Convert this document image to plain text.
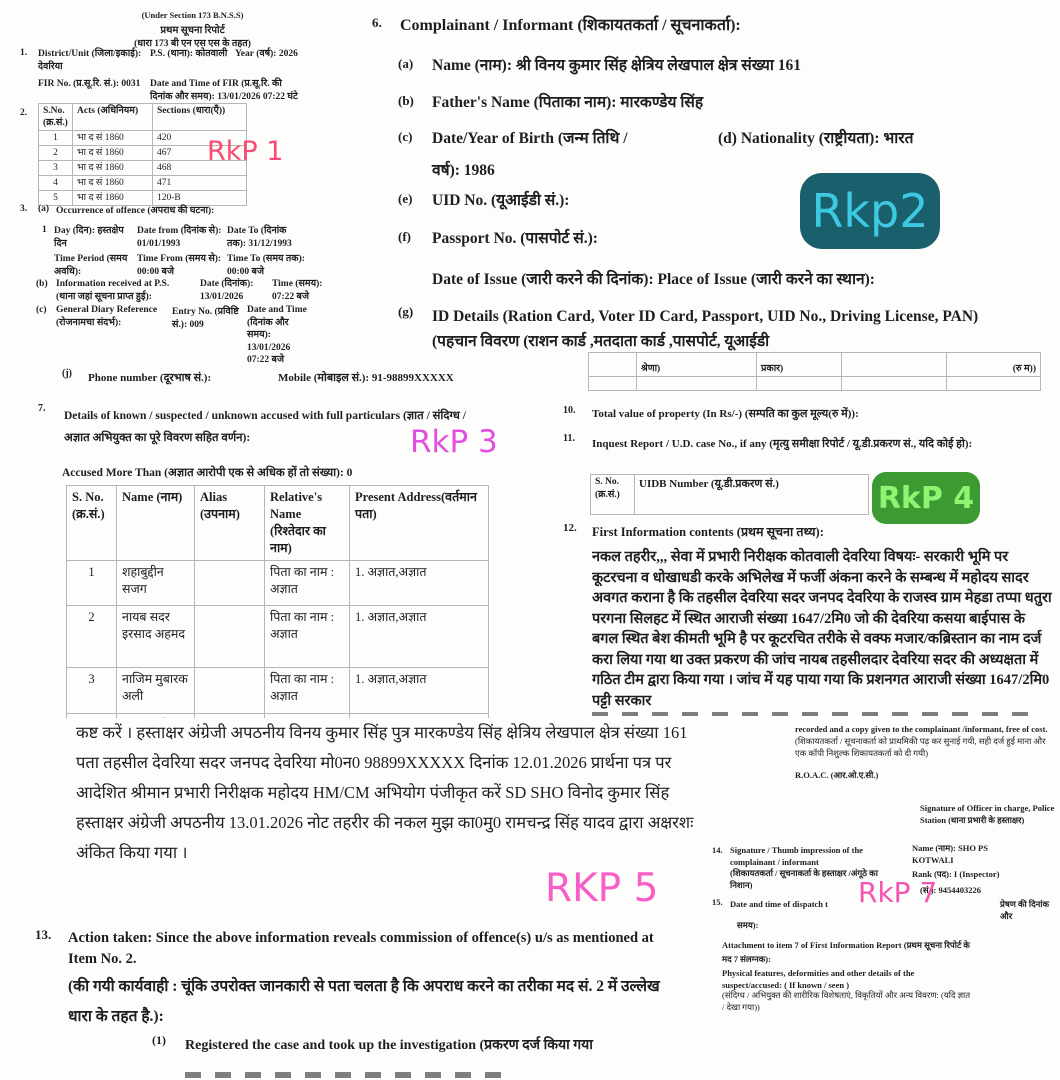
(Under Section 173 B.N.S.S)
प्रथम सूचना रिपोर्ट
(धारा 173 बी एन एस एस के तहत)
1. District/Unit (जिला/इकाई):
देवरिया
P.S. (थाना): कोतवाली Year (वर्ष): 2026
FIR No. (प्र.सू.रि. सं.): 0031	Date and Time of FIR (प्र.सू.रि. की दिनांक और समय): 13/01/2026 07:22 घंटे
2. S.No. (क्र.सं.)	Acts (अधिनियम)	Sections (धारा(एँ))
1	भा द सं 1860	420
2	भा द सं 1860	467
3	भा द सं 1860	468
4	भा द सं 1860	471
5	भा द सं 1860	120-B
RkP 1
3. (a) Occurrence of offence (अपराध की घटना):
1 Day (दिन): हस्तक्षेप दिन
Date from (दिनांक से): 01/01/1993
Date To (दिनांक तक): 31/12/1993
Time Period (समय अवधि):
Time From (समय से): 00:00 बजे
Time To (समय तक): 00:00 बजे
(b) Information received at P.S. (थाना जहां सूचना प्राप्त हुई):
Date (दिनांक): 13/01/2026
Time (समय): 07:22 बजे
(c) General Diary Reference (रोजनामचा संदर्भ):
Entry No. (प्रविष्टि सं.): 009
Date and Time (दिनांक और समय): 13/01/2026 07:22 बजे
6. Complainant / Informant (शिकायतकर्ता / सूचनाकर्ता):
(a) Name (नाम): श्री विनय कुमार सिंह क्षेत्रिय लेखपाल क्षेत्र संख्या 161
(b) Father's Name (पिताका नाम): मारकण्डेय सिंह
(c) Date/Year of Birth (जन्म तिथि /	(d) Nationality (राष्ट्रीयता): भारत
वर्ष): 1986
(e) UID No. (यूआईडी सं.):
(f) Passport No. (पासपोर्ट सं.):
Rkp2
Date of Issue (जारी करने की दिनांक): Place of Issue (जारी करने का स्थान):
(g) ID Details (Ration Card, Voter ID Card, Passport, UID No., Driving License, PAN) (पहचान विवरण (राशन कार्ड ,मतदाता कार्ड ,पासपोर्ट, यूआईडी
(j) Phone number (दूरभाष सं.):	Mobile (मोबाइल सं.): 91-98899XXXXX
	श्रेणा)	प्रकार)		(रु म))

10. Total value of property (In Rs/-) (सम्पति का कुल मूल्य(रु में)):
11. Inquest Report / U.D. case No., if any (मृत्यु समीक्षा रिपोर्ट / यू.डी.प्रकरण सं., यदि कोई हो):
S. No. (क्र.सं.)	UIDB Number (यू.डी.प्रकरण सं.)	RkP 4
12. First Information contents (प्रथम सूचना तथ्य):
नकल तहरीर,,, सेवा में प्रभारी निरीक्षक कोतवाली देवरिया विषयः- सरकारी भूमि पर कूटरचना व धोखाधडी करके अभिलेख में फर्जी अंकना करने के सम्बन्ध में महोदय सादर अवगत कराना है कि तहसील देवरिया सदर जनपद देवरिया के राजस्व ग्राम मेहडा तप्पा धतुरा परगना सिलहट में स्थित आराजी संख्या 1647/2मि0 जो की देवरिया कसया बाईपास के बगल स्थित बेश कीमती भूमि है पर कूटरचित तरीके से वक्फ मजार/कब्रिस्तान का नाम दर्ज करा लिया गया था उक्त प्रकरण की जांच नायब तहसीलदार देवरिया सदर की अध्यक्षता में गठित टीम द्वारा किया गया । जांच में यह पाया गया कि प्रशनगत आराजी संख्या 1647/2मि0 पट्टी सरकार
7.
Details of known / suspected / unknown accused with full particulars (ज्ञात / संदिग्ध / अज्ञात अभियुक्त का पूरे विवरण सहित वर्णन):	RkP 3
Accused More Than (अज्ञात आरोपी एक से अधिक हों तो संख्या): 0
S. No. (क्र.सं.)	Name (नाम)	Alias (उपनाम)	Relative's Name (रिश्तेदार का नाम)	Present Address(वर्तमान पता)
1	शहाबुद्दीन सजग		पिता का नाम : अज्ञात	1. अज्ञात,अज्ञात
2	नायब सदर इरसाद अहमद		पिता का नाम : अज्ञात	1. अज्ञात,अज्ञात
3	नाजिम मुबारक अली		पिता का नाम : अज्ञात	1. अज्ञात,अज्ञात

कष्ट करें । हस्ताक्षर अंग्रेजी अपठनीय विनय कुमार सिंह पुत्र मारकण्डेय सिंह क्षेत्रिय लेखपाल क्षेत्र संख्या 161 पता तहसील देवरिया सदर जनपद देवरिया मो0न0 98899XXXXX दिनांक 12.01.2026 प्रार्थना पत्र पर आदेशित श्रीमान प्रभारी निरीक्षक महोदय HM/CM अभियोग पंजीकृत करें SD SHO विनोद कुमार सिंह हस्ताक्षर अंग्रेजी अपठनीय 13.01.2026 नोट तहरीर की नकल मुझ का0मु0 रामचन्द्र सिंह यादव द्वारा अक्षरशः अंकित किया गया ।
RKP 5
13. Action taken: Since the above information reveals commission of offence(s) u/s as mentioned at Item No. 2.
(की गयी कार्यवाही : चूंकि उपरोक्त जानकारी से पता चलता है कि अपराध करने का तरीका मद सं. 2 में उल्लेख धारा के तहत है.):
(1) Registered the case and took up the investigation (प्रकरण दर्ज किया गया
recorded and a copy given to the complainant /informant, free of cost.
(शिकायतकर्ता / सूचनाकर्ता को प्राथमिकी पढ़ कर सुनाई गयी, सही दर्ज हुई माना और एक कॉपी निशुल्क शिकायतकर्ता को दी गयी)
R.O.A.C. (आर.ओ.ए.सी.)
Signature of Officer in charge, Police Station (थाना प्रभारी के हस्ताक्षर)
14. Signature / Thumb impression of the complainant / informant
(शिकायतकर्ता / सूचनाकर्ता के हस्ताक्षर /अंगूठे का निशान)
Name (नाम): SHO PS KOTWALI
Rank (पद): I (Inspector)
(सं.): 9454403226
15. Date and time of dispatch t	RkP 7	प्रेषण की दिनांक और
समय):
Attachment to item 7 of First Information Report (प्रथम सूचना रिपोर्ट के मद 7 संलग्नक):
Physical features, deformities and other details of the suspect/accused: ( If known / seen )
(संदिग्ध / अभियुक्त की शारीरिक विशेषताएं, विकृतियों और अन्य विवरण: (यदि ज्ञात / देखा गया))
